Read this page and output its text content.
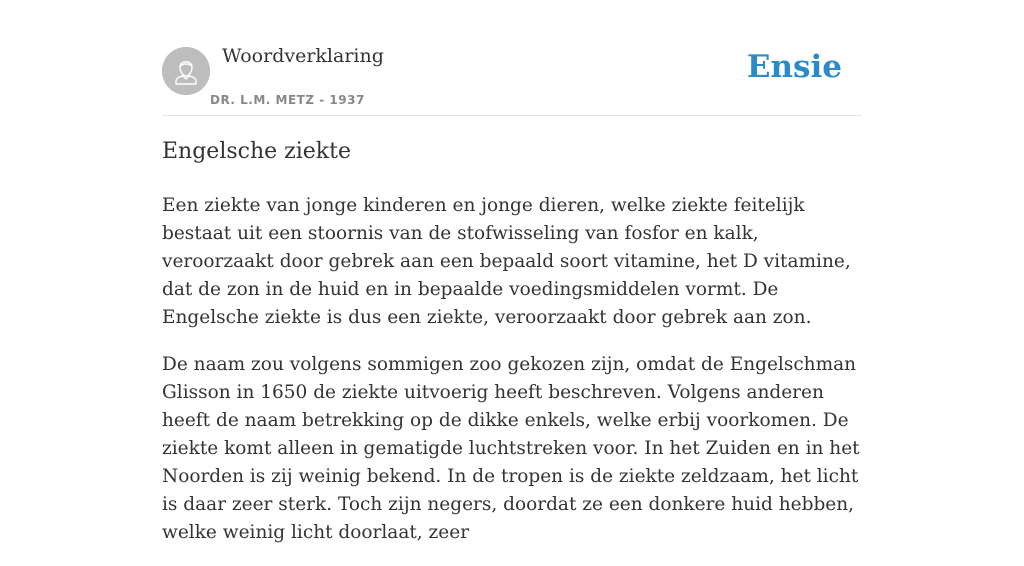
Woordverklaring
DR. L.M. METZ - 1937
Ensie
Engelsche ziekte

Een ziekte van jonge kinderen en jonge dieren, welke ziekte feitelijk bestaat uit een stoornis van de stofwisseling van fosfor en kalk, veroorzaakt door gebrek aan een bepaald soort vitamine, het D vitamine, dat de zon in de huid en in bepaalde voedingsmiddelen vormt. De Engelsche ziekte is dus een ziekte, veroorzaakt door gebrek aan zon.

De naam zou volgens sommigen zoo gekozen zijn, omdat de Engelschman Glisson in 1650 de ziekte uitvoerig heeft beschreven. Volgens anderen heeft de naam betrekking op de dikke enkels, welke erbij voorkomen. De ziekte komt alleen in gematigde luchtstreken voor. In het Zuiden en in het Noorden is zij weinig bekend. In de tropen is de ziekte zeldzaam, het licht is daar zeer sterk. Toch zijn negers, doordat ze een donkere huid hebben, welke weinig licht doorlaat, zeer
